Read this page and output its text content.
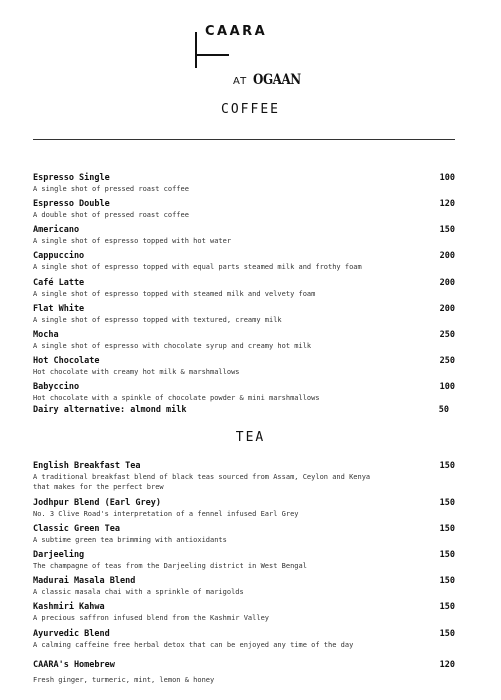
CAARA
AT OGAAN
COFFEE
Espresso Single
A single shot of pressed roast coffee
100
Espresso Double
A double shot of pressed roast coffee
120
Americano
A single shot of espresso topped with hot water
150
Cappuccino
A single shot of espresso topped with equal parts steamed milk and frothy foam
200
Café Latte
A single shot of espresso topped with steamed milk and velvety foam
200
Flat White
A single shot of espresso topped with textured, creamy milk
200
Mocha
A single shot of espresso with chocolate syrup and creamy hot milk
250
Hot Chocolate
Hot chocolate with creamy hot milk & marshmallows
250
Babyccino
Hot chocolate with a spinkle of chocolate powder & mini marshmallows
100
Dairy alternative: almond milk	50
TEA
English Breakfast Tea
A traditional breakfast blend of black teas sourced from Assam, Ceylon and Kenya that makes for the perfect brew
150
Jodhpur Blend (Earl Grey)
No. 3 Clive Road's interpretation of a fennel infused Earl Grey
150
Classic Green Tea
A subtime green tea brimming with antioxidants
150
Darjeeling
The champagne of teas from the Darjeeling district in West Bengal
150
Madurai Masala Blend
A classic masala chai with a sprinkle of marigolds
150
Kashmiri Kahwa
A precious saffron infused blend from the Kashmir Valley
150
Ayurvedic Blend
A calming caffeine free herbal detox that can be enjoyed any time of the day
150
CAARA's Homebrew
Fresh ginger, turmeric, mint, lemon & honey
120
